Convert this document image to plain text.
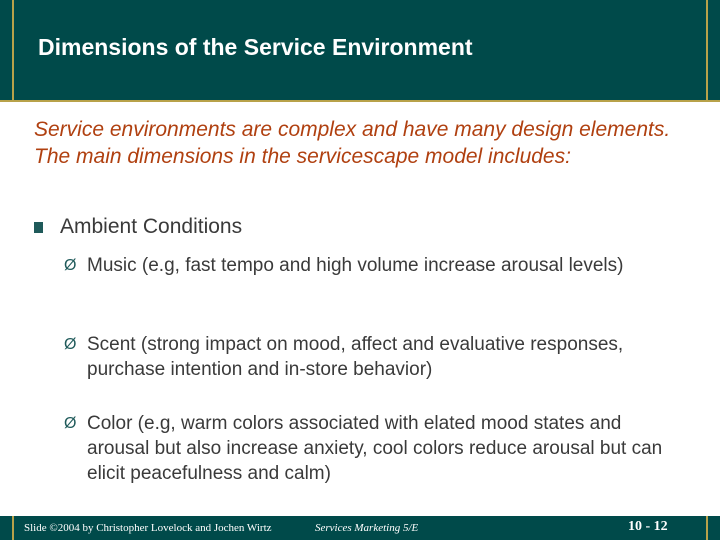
Dimensions of the Service Environment

Service environments are complex and have many design elements. The main dimensions in the servicescape model includes:

Ambient Conditions
Ø Music (e.g, fast tempo and high volume increase arousal levels)
Ø Scent (strong impact on mood, affect and evaluative responses, purchase intention and in-store behavior)
Ø Color (e.g, warm colors associated with elated mood states and arousal but also increase anxiety, cool colors reduce arousal but can elicit peacefulness and calm)
Slide ©2004 by Christopher Lovelock and Jochen Wirtz	Services Marketing 5/E	10 - 12
